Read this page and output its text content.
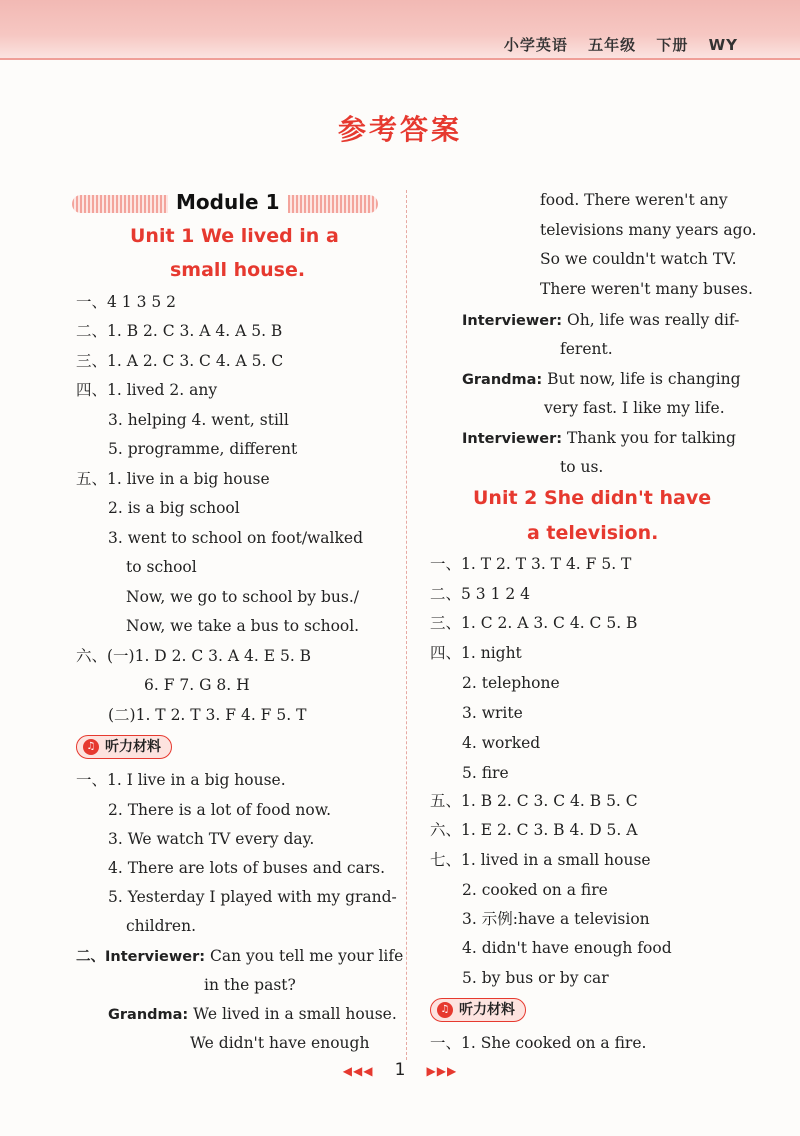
小学英语 五年级 下册 WY
参考答案
Module 1
Unit 1 We lived in a
small house.
一、4 1 3 5 2
二、1. B 2. C 3. A 4. A 5. B
三、1. A 2. C 3. C 4. A 5. C
四、1. lived 2. any
3. helping 4. went, still
5. programme, different
五、1. live in a big house
2. is a big school
3. went to school on foot/walked
to school
Now, we go to school by bus./
Now, we take a bus to school.
六、(一)1. D 2. C 3. A 4. E 5. B
6. F 7. G 8. H
(二)1. T 2. T 3. F 4. F 5. T
♫ 听力材料
一、1. I live in a big house.
2. There is a lot of food now.
3. We watch TV every day.
4. There are lots of buses and cars.
5. Yesterday I played with my grand-
children.
二、Interviewer: Can you tell me your life
in the past?
Grandma: We lived in a small house.
We didn't have enough
food. There weren't any
televisions many years ago.
So we couldn't watch TV.
There weren't many buses.
Interviewer: Oh, life was really dif-
ferent.
Grandma: But now, life is changing
very fast. I like my life.
Interviewer: Thank you for talking
to us.
Unit 2 She didn't have
a television.
一、1. T 2. T 3. T 4. F 5. T
二、5 3 1 2 4
三、1. C 2. A 3. C 4. C 5. B
四、1. night
2. telephone
3. write
4. worked
5. fire
五、1. B 2. C 3. C 4. B 5. C
六、1. E 2. C 3. B 4. D 5. A
七、1. lived in a small house
2. cooked on a fire
3. 示例:have a television
4. didn't have enough food
5. by bus or by car
♫ 听力材料
一、1. She cooked on a fire.
◀◀◀ 1 ▶▶▶
